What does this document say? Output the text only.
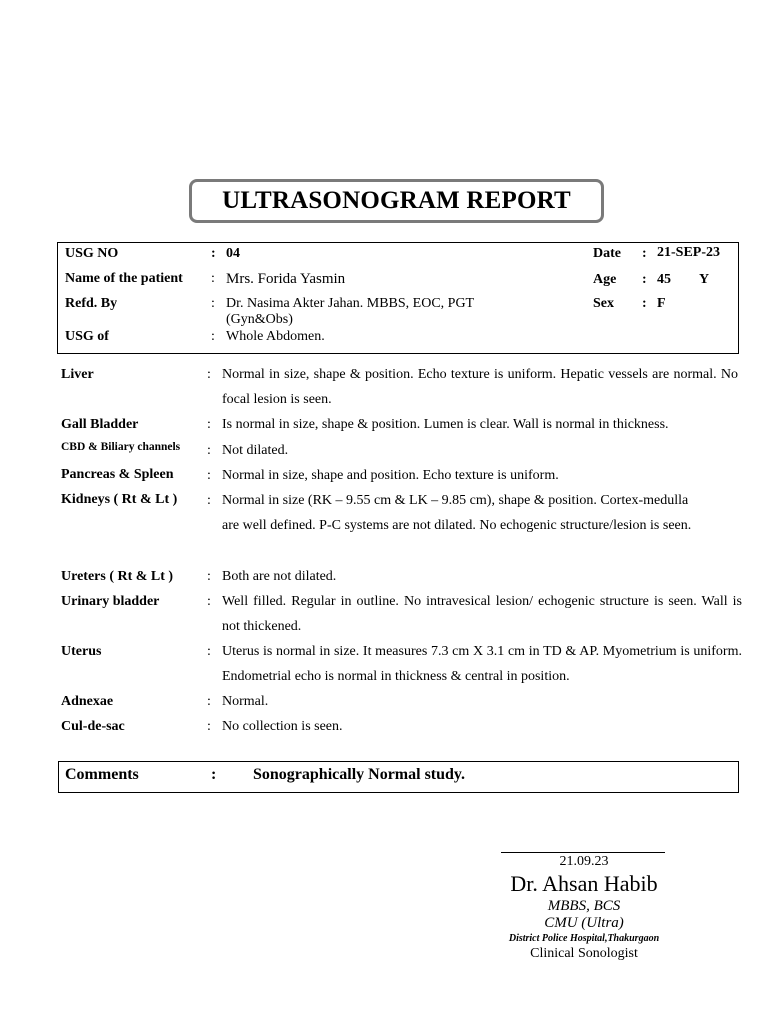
ULTRASONOGRAM REPORT
USG NO	: 04
Name of the patient : Mrs. Forida Yasmin
Refd. By	: Dr. Nasima Akter Jahan. MBBS, EOC, PGT
(Gyn&Obs)
USG of	: Whole Abdomen.
Date : 21-SEP-23
Age : 45 Y
Sex : F
Liver	: Normal in size, shape & position. Echo texture is uniform. Hepatic vessels are normal. No focal lesion is seen.
Gall Bladder	: Is normal in size, shape & position. Lumen is clear. Wall is normal in thickness.
CBD & Biliary channels : Not dilated.
Pancreas & Spleen : Normal in size, shape and position. Echo texture is uniform.
Kidneys ( Rt & Lt ) : Normal in size (RK – 9.55 cm & LK – 9.85 cm), shape & position. Cortex-medulla are well defined. P-C systems are not dilated. No echogenic structure/lesion is seen.
Ureters ( Rt & Lt ) : Both are not dilated.
Urinary bladder	: Well filled. Regular in outline. No intravesical lesion/ echogenic structure is seen. Wall is not thickened.
Uterus	: Uterus is normal in size. It measures 7.3 cm X 3.1 cm in TD & AP. Myometrium is uniform. Endometrial echo is normal in thickness & central in position.
Adnexae	: Normal.
Cul-de-sac	: No collection is seen.
Comments	: Sonographically Normal study.
21.09.23
Dr. Ahsan Habib
MBBS, BCS
CMU (Ultra)
District Police Hospital,Thakurgaon
Clinical Sonologist
